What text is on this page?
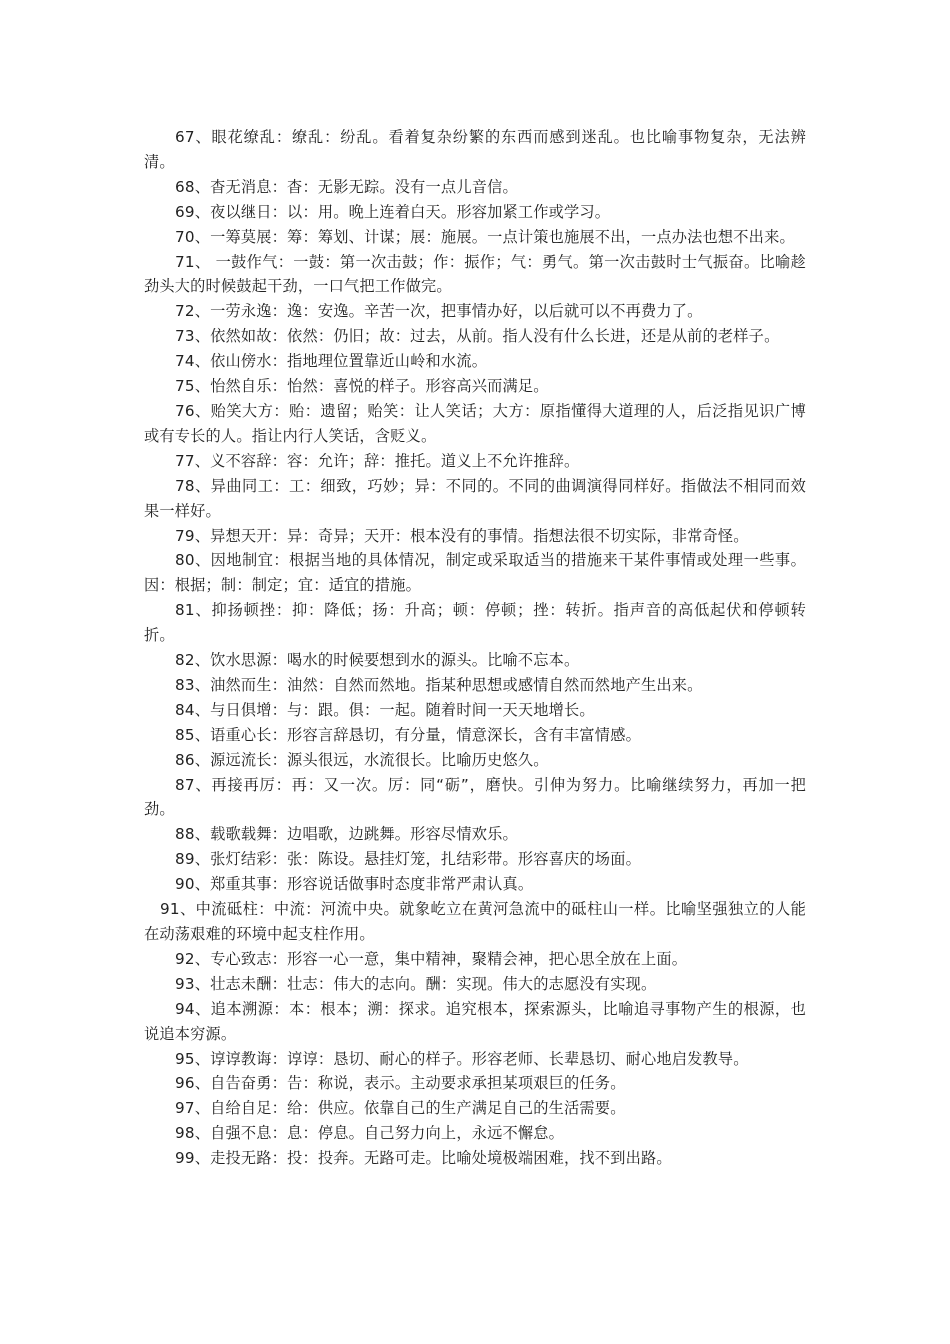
67、眼花缭乱：缭乱：纷乱。看着复杂纷繁的东西而感到迷乱。也比喻事物复杂，无法辨清。

68、杳无消息：杳：无影无踪。没有一点儿音信。

69、夜以继日：以：用。晚上连着白天。形容加紧工作或学习。

70、一筹莫展：筹：筹划、计谋；展：施展。一点计策也施展不出，一点办法也想不出来。

71、 一鼓作气：一鼓：第一次击鼓；作：振作；气：勇气。第一次击鼓时士气振奋。比喻趁劲头大的时候鼓起干劲，一口气把工作做完。

72、一劳永逸：逸：安逸。辛苦一次，把事情办好，以后就可以不再费力了。

73、依然如故：依然：仍旧；故：过去，从前。指人没有什么长进，还是从前的老样子。

74、依山傍水：指地理位置靠近山岭和水流。

75、怡然自乐：怡然：喜悦的样子。形容高兴而满足。

76、贻笑大方：贻：遗留；贻笑：让人笑话；大方：原指懂得大道理的人，后泛指见识广博或有专长的人。指让内行人笑话，含贬义。

77、义不容辞：容：允许；辞：推托。道义上不允许推辞。

78、异曲同工：工：细致，巧妙；异：不同的。不同的曲调演得同样好。指做法不相同而效果一样好。

79、异想天开：异：奇异；天开：根本没有的事情。指想法很不切实际，非常奇怪。

80、因地制宜：根据当地的具体情况，制定或采取适当的措施来干某件事情或处理一些事。因：根据；制：制定；宜：适宜的措施。

81、抑扬顿挫：抑：降低；扬：升高；顿：停顿；挫：转折。指声音的高低起伏和停顿转折。

82、饮水思源：喝水的时候要想到水的源头。比喻不忘本。

83、油然而生：油然：自然而然地。指某种思想或感情自然而然地产生出来。

84、与日俱增：与：跟。俱：一起。随着时间一天天地增长。

85、语重心长：形容言辞恳切，有分量，情意深长，含有丰富情感。

86、源远流长：源头很远，水流很长。比喻历史悠久。

87、再接再厉：再：又一次。厉：同“砺”，磨快。引伸为努力。比喻继续努力，再加一把劲。

88、载歌载舞：边唱歌，边跳舞。形容尽情欢乐。

89、张灯结彩：张：陈设。悬挂灯笼，扎结彩带。形容喜庆的场面。

90、郑重其事：形容说话做事时态度非常严肃认真。

91、中流砥柱：中流：河流中央。就象屹立在黄河急流中的砥柱山一样。比喻坚强独立的人能在动荡艰难的环境中起支柱作用。

92、专心致志：形容一心一意，集中精神，聚精会神，把心思全放在上面。

93、壮志未酬：壮志：伟大的志向。酬：实现。伟大的志愿没有实现。

94、追本溯源：本：根本；溯：探求。追究根本，探索源头，比喻追寻事物产生的根源，也说追本穷源。

95、谆谆教诲：谆谆：恳切、耐心的样子。形容老师、长辈恳切、耐心地启发教导。

96、自告奋勇：告：称说，表示。主动要求承担某项艰巨的任务。

97、自给自足：给：供应。依靠自己的生产满足自己的生活需要。

98、自强不息：息：停息。自己努力向上，永远不懈怠。

99、走投无路：投：投奔。无路可走。比喻处境极端困难，找不到出路。
